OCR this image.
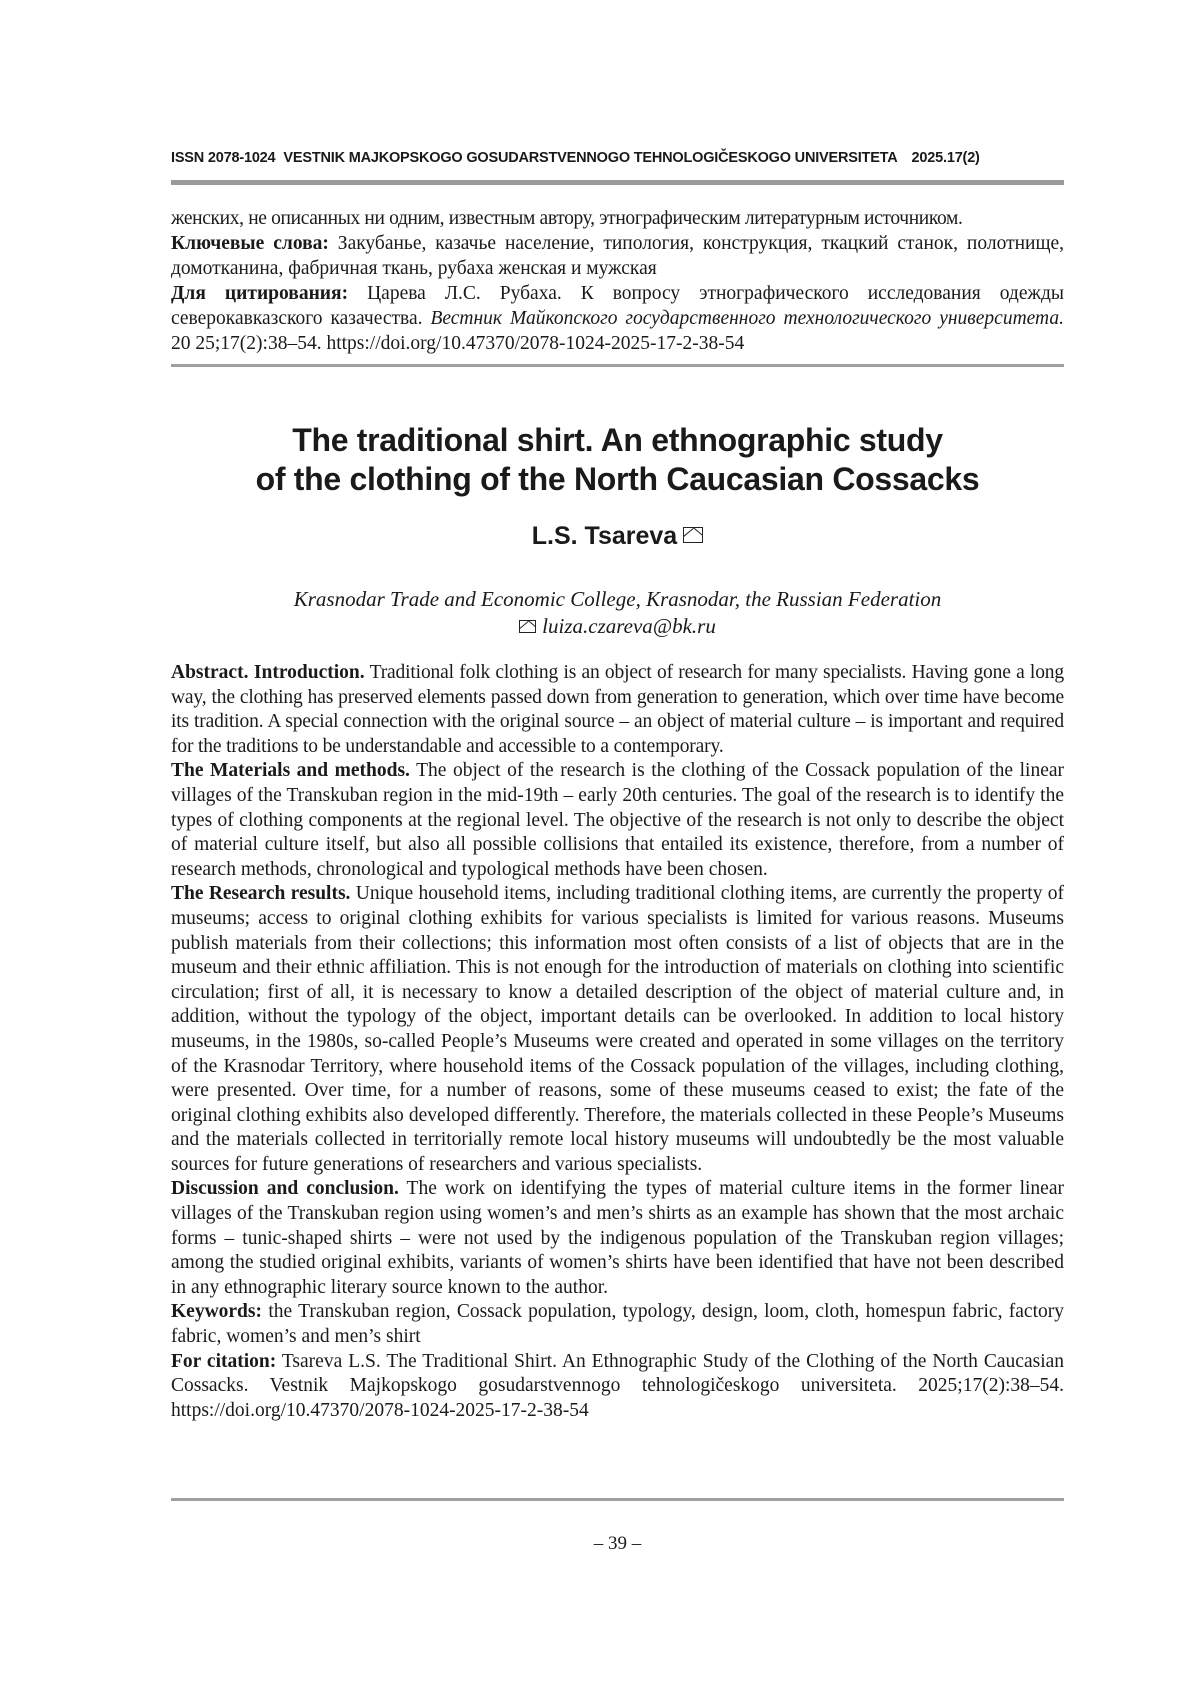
ISSN 2078-1024 VESTNIK MAJKOPSKOGO GOSUDARSTVENNOGO TEHNOLOGIČESKOGO UNIVERSITETA 2025.17(2)

женских, не описанных ни одним, известным автору, этнографическим литературным источником.

Ключевые слова: Закубанье, казачье население, типология, конструкция, ткацкий станок, полотнище, домотканина, фабричная ткань, рубаха женская и мужская

Для цитирования: Царева Л.С. Рубаха. К вопросу этнографического исследования одежды северокавказского казачества. Вестник Майкопского государственного технологического университета. 20 25;17(2):38–54. https://doi.org/10.47370/2078-1024-2025-17-2-38-54

The traditional shirt. An ethnographic study
of the clothing of the North Caucasian Cossacks
L.S. Tsareva
Krasnodar Trade and Economic College, Krasnodar, the Russian Federation
luiza.czareva@bk.ru

Abstract. Introduction. Traditional folk clothing is an object of research for many specialists. Having gone a long way, the clothing has preserved elements passed down from generation to generation, which over time have become its tradition. A special connection with the original source – an object of material culture – is important and required for the traditions to be understandable and accessible to a contemporary.

The Materials and methods. The object of the research is the clothing of the Cossack population of the linear villages of the Transkuban region in the mid-19th – early 20th centuries. The goal of the research is to identify the types of clothing components at the regional level. The objective of the research is not only to describe the object of material culture itself, but also all possible collisions that entailed its existence, therefore, from a number of research methods, chronological and typological methods have been chosen.

The Research results. Unique household items, including traditional clothing items, are currently the property of museums; access to original clothing exhibits for various specialists is limited for various reasons. Museums publish materials from their collections; this information most often consists of a list of objects that are in the museum and their ethnic affiliation. This is not enough for the introduction of materials on clothing into scientific circulation; first of all, it is necessary to know a detailed description of the object of material culture and, in addition, without the typology of the object, important details can be overlooked. In addition to local history museums, in the 1980s, so-called People’s Museums were created and operated in some villages on the territory of the Krasnodar Territory, where household items of the Cossack population of the villages, including clothing, were presented. Over time, for a number of reasons, some of these museums ceased to exist; the fate of the original clothing exhibits also developed differently. Therefore, the materials collected in these People’s Museums and the materials collected in territorially remote local history museums will undoubtedly be the most valuable sources for future generations of researchers and various specialists.

Discussion and conclusion. The work on identifying the types of material culture items in the former linear villages of the Transkuban region using women’s and men’s shirts as an example has shown that the most archaic forms – tunic-shaped shirts – were not used by the indigenous population of the Transkuban region villages; among the studied original exhibits, variants of women’s shirts have been identified that have not been described in any ethnographic literary source known to the author.

Keywords: the Transkuban region, Cossack population, typology, design, loom, cloth, homespun fabric, factory fabric, women’s and men’s shirt

For citation: Tsareva L.S. The Traditional Shirt. An Ethnographic Study of the Clothing of the North Caucasian Cossacks. Vestnik Majkopskogo gosudarstvennogo tehnologičeskogo universiteta. 2025;17(2):38–54. https://doi.org/10.47370/2078-1024-2025-17-2-38-54

– 39 –
